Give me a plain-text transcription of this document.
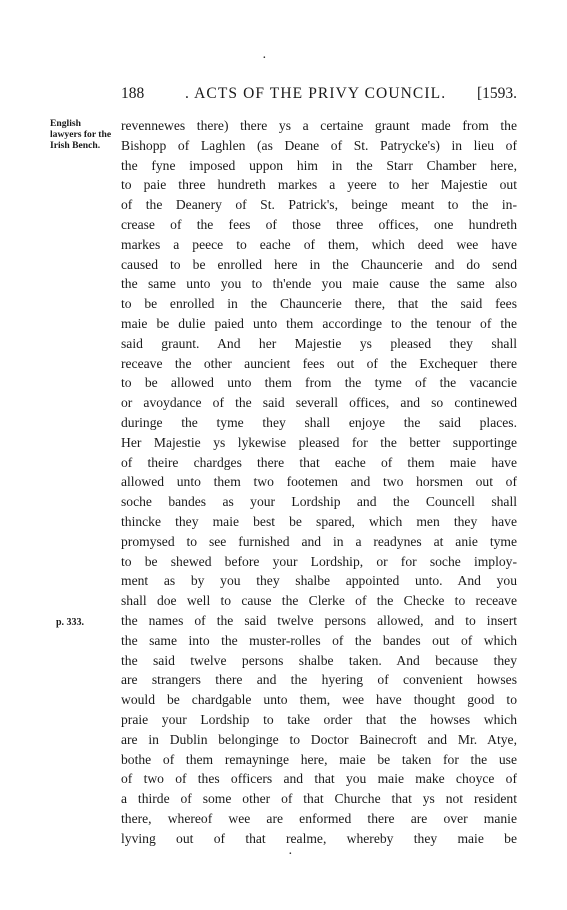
·
188	. ACTS OF THE PRIVY COUNCIL. [1593.
English
lawyers for the
Irish Bench.
p. 333.
revennewes there) there ys a certaine graunt made from the
Bishopp of Laghlen (as Deane of St. Patrycke's) in lieu of
the fyne imposed uppon him in the Starr Chamber here,
to paie three hundreth markes a yeere to her Majestie out
of the Deanery of St. Patrick's, beinge meant to the in-
crease of the fees of those three offices, one hundreth
markes a peece to eache of them, which deed wee have
caused to be enrolled here in the Chauncerie and do send
the same unto you to th'ende you maie cause the same also
to be enrolled in the Chauncerie there, that the said fees
maie be dulie paied unto them accordinge to the tenour of the
said graunt. And her Majestie ys pleased they shall
receave the other auncient fees out of the Exchequer there
to be allowed unto them from the tyme of the vacancie
or avoydance of the said severall offices, and so continewed
duringe the tyme they shall enjoye the said places.
Her Majestie ys lykewise pleased for the better supportinge
of theire chardges there that eache of them maie have
allowed unto them two footemen and two horsmen out of
soche bandes as your Lordship and the Councell shall
thincke they maie best be spared, which men they have
promysed to see furnished and in a readynes at anie tyme
to be shewed before your Lordship, or for soche imploy-
ment as by you they shalbe appointed unto. And you
shall doe well to cause the Clerke of the Checke to receave
the names of the said twelve persons allowed, and to insert
the same into the muster-rolles of the bandes out of which
the said twelve persons shalbe taken. And because they
are strangers there and the hyering of convenient howses
would be chardgable unto them, wee have thought good to
praie your Lordship to take order that the howses which
are in Dublin belonginge to Doctor Bainecroft and Mr. Atye,
bothe of them remayninge here, maie be taken for the use
of two of thes officers and that you maie make choyce of
a thirde of some other of that Churche that ys not resident
there, whereof wee are enformed there are over manie
lyving out of that realme, whereby they maie be
·
